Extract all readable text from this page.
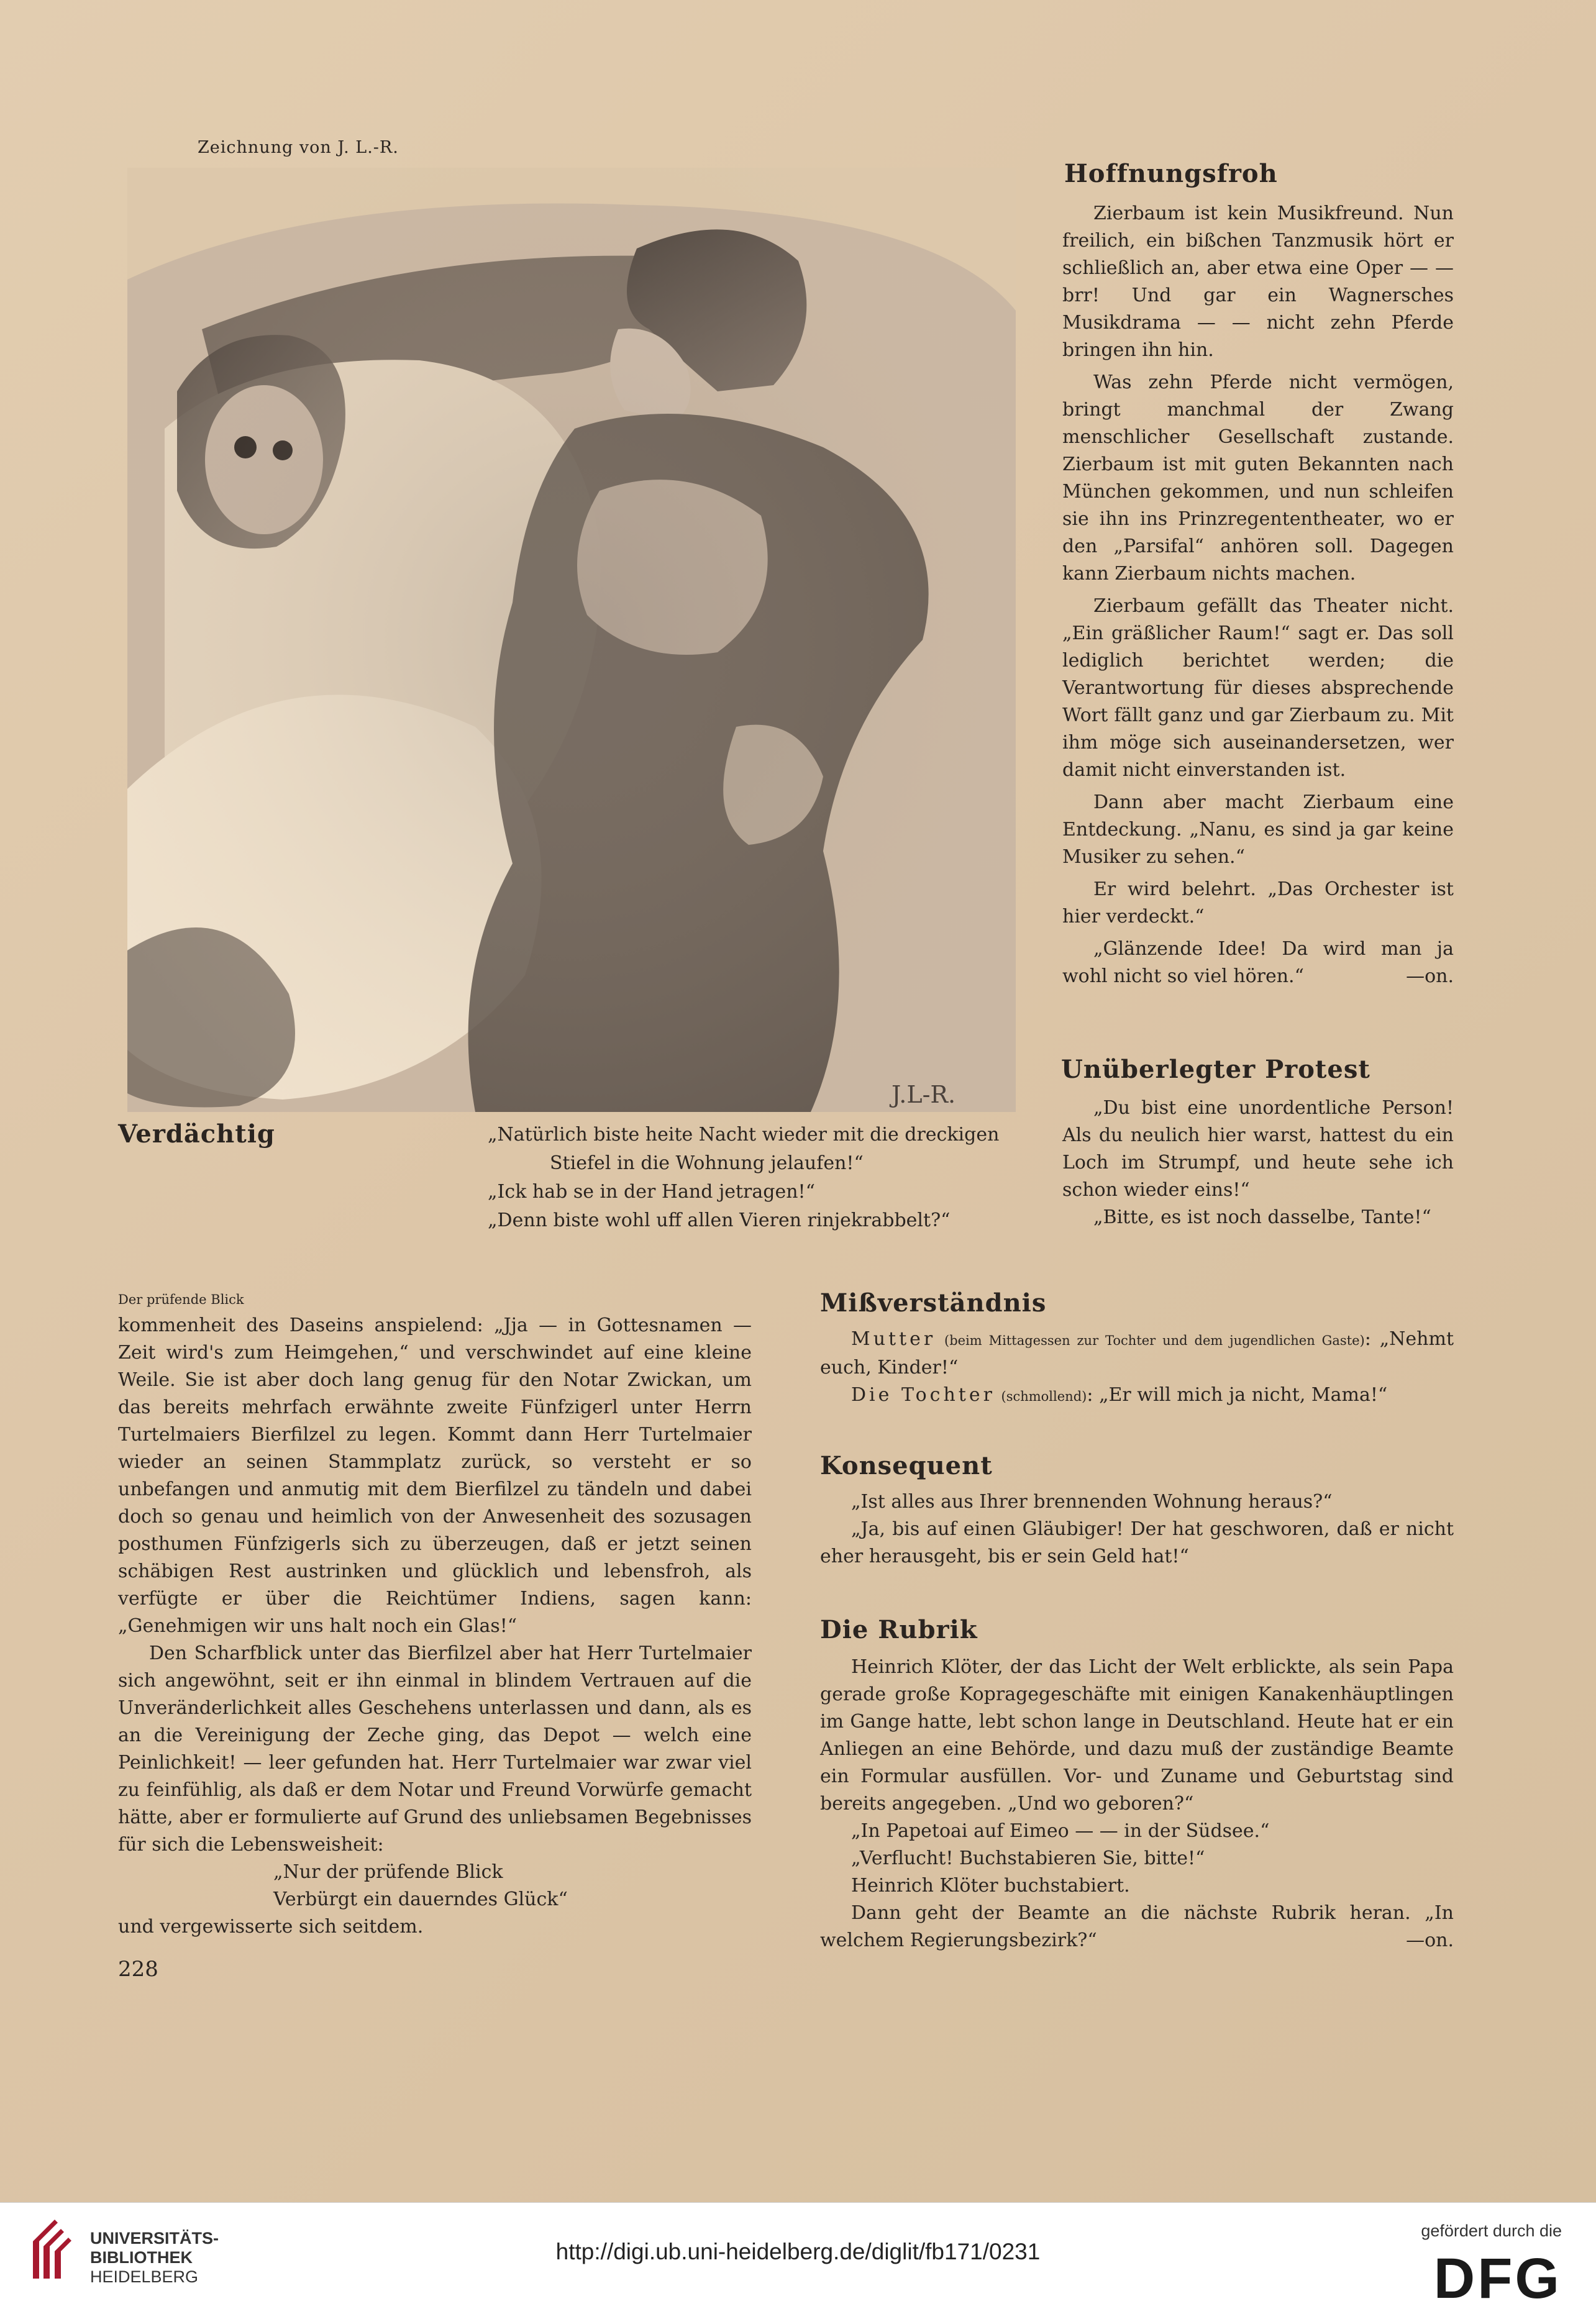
Zeichnung von J. L.-R.
J.L-R.
Verdächtig	„Natürlich biste heite Nacht wieder mit die dreckigen
Stiefel in die Wohnung jelaufen!“
„Ick hab se in der Hand jetragen!“
„Denn biste wohl uff allen Vieren rinjekrabbelt?“
Hoffnungsfroh

Zierbaum ist kein Musikfreund. Nun freilich, ein bißchen Tanzmusik hört er schließlich an, aber etwa eine Oper — — brr! Und gar ein Wagnersches Musikdrama — — nicht zehn Pferde bringen ihn hin.

Was zehn Pferde nicht vermögen, bringt manchmal der Zwang menschlicher Gesellschaft zustande. Zierbaum ist mit guten Bekannten nach München gekommen, und nun schleifen sie ihn ins Prinzregententheater, wo er den „Parsifal“ anhören soll. Dagegen kann Zierbaum nichts machen.

Zierbaum gefällt das Theater nicht. „Ein gräßlicher Raum!“ sagt er. Das soll lediglich berichtet werden; die Verantwortung für dieses absprechende Wort fällt ganz und gar Zierbaum zu. Mit ihm möge sich auseinandersetzen, wer damit nicht einverstanden ist.

Dann aber macht Zierbaum eine Entdeckung. „Nanu, es sind ja gar keine Musiker zu sehen.“

Er wird belehrt. „Das Orchester ist hier verdeckt.“

„Glänzende Idee! Da wird man ja wohl nicht so viel hören.“	—on.

Unüberlegter Protest

„Du bist eine unordentliche Person! Als du neulich hier warst, hattest du ein Loch im Strumpf, und heute sehe ich schon wieder eins!“

„Bitte, es ist noch dasselbe, Tante!“

Der prüfende Blick

kommenheit des Daseins anspielend: „Jja — in Gottesnamen — Zeit wird's zum Heimgehen,“ und verschwindet auf eine kleine Weile. Sie ist aber doch lang genug für den Notar Zwickan, um das bereits mehrfach erwähnte zweite Fünfzigerl unter Herrn Turtelmaiers Bierfilzel zu legen. Kommt dann Herr Turtelmaier wieder an seinen Stammplatz zurück, so versteht er so unbefangen und anmutig mit dem Bierfilzel zu tändeln und dabei doch so genau und heimlich von der Anwesenheit des sozusagen posthumen Fünfzigerls sich zu überzeugen, daß er jetzt seinen schäbigen Rest austrinken und glücklich und lebensfroh, als verfügte er über die Reichtümer Indiens, sagen kann: „Genehmigen wir uns halt noch ein Glas!“

Den Scharfblick unter das Bierfilzel aber hat Herr Turtelmaier sich angewöhnt, seit er ihn einmal in blindem Vertrauen auf die Unveränderlichkeit alles Geschehens unterlassen und dann, als es an die Vereinigung der Zeche ging, das Depot — welch eine Peinlichkeit! — leer gefunden hat. Herr Turtelmaier war zwar viel zu feinfühlig, als daß er dem Notar und Freund Vorwürfe gemacht hätte, aber er formulierte auf Grund des unliebsamen Begebnisses für sich die Lebensweisheit:

„Nur der prüfende Blick

Verbürgt ein dauerndes Glück“

und vergewisserte sich seitdem.

228
Mißverständnis

Mutter (beim Mittagessen zur Tochter und dem jugendlichen Gaste): „Nehmt euch, Kinder!“

Die Tochter (schmollend): „Er will mich ja nicht, Mama!“

Konsequent

„Ist alles aus Ihrer brennenden Wohnung heraus?“

„Ja, bis auf einen Gläubiger! Der hat geschworen, daß er nicht eher herausgeht, bis er sein Geld hat!“

Die Rubrik

Heinrich Klöter, der das Licht der Welt erblickte, als sein Papa gerade große Kopragegeschäfte mit einigen Kanakenhäuptlingen im Gange hatte, lebt schon lange in Deutschland. Heute hat er ein Anliegen an eine Behörde, und dazu muß der zuständige Beamte ein Formular ausfüllen. Vor- und Zuname und Geburtstag sind bereits angegeben. „Und wo geboren?“

„In Papetoai auf Eimeo — — in der Südsee.“

„Verflucht! Buchstabieren Sie, bitte!“

Heinrich Klöter buchstabiert.

Dann geht der Beamte an die nächste Rubrik heran. „In welchem Regierungsbezirk?“	—on.

UNIVERSITÄTS-
BIBLIOTHEK
HEIDELBERG
http://digi.ub.uni-heidelberg.de/diglit/fb171/0231
gefördert durch die
DFG
